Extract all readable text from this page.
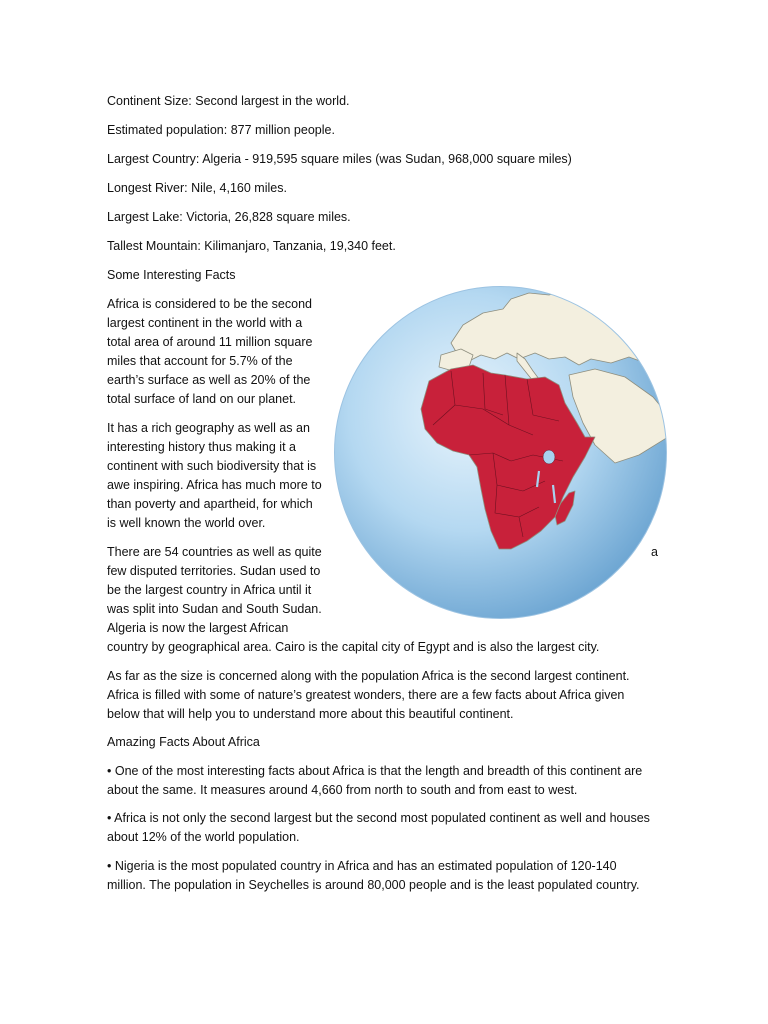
Continent Size: Second largest in the world.
Estimated population: 877 million people.
Largest Country: Algeria - 919,595 square miles (was Sudan, 968,000 square miles)
Longest River: Nile, 4,160 miles.
Largest Lake: Victoria, 26,828 square miles.
Tallest Mountain: Kilimanjaro, Tanzania, 19,340 feet.
Some Interesting Facts
Africa is considered to be the second
largest continent in the world with a
total area of around 11 million square
miles that account for 5.7% of the
earth’s surface as well as 20% of the
total surface of land on our planet.
It has a rich geography as well as an
interesting history thus making it a
continent with such biodiversity that is
awe inspiring. Africa has much more to
than poverty and apartheid, for which
is well known the world over.
There are 54 countries as well as quite
few disputed territories. Sudan used to
be the largest country in Africa until it
was split into Sudan and South Sudan.
Algeria is now the largest African
country by geographical area. Cairo is the capital city of Egypt and is also the largest city.
a
As far as the size is concerned along with the population Africa is the second largest continent.
Africa is filled with some of nature’s greatest wonders, there are a few facts about Africa given
below that will help you to understand more about this beautiful continent.
Amazing Facts About Africa
• One of the most interesting facts about Africa is that the length and breadth of this continent are
about the same. It measures around 4,660 from north to south and from east to west.
• Africa is not only the second largest but the second most populated continent as well and houses
about 12% of the world population.
• Nigeria is the most populated country in Africa and has an estimated population of 120-140
million. The population in Seychelles is around 80,000 people and is the least populated country.
